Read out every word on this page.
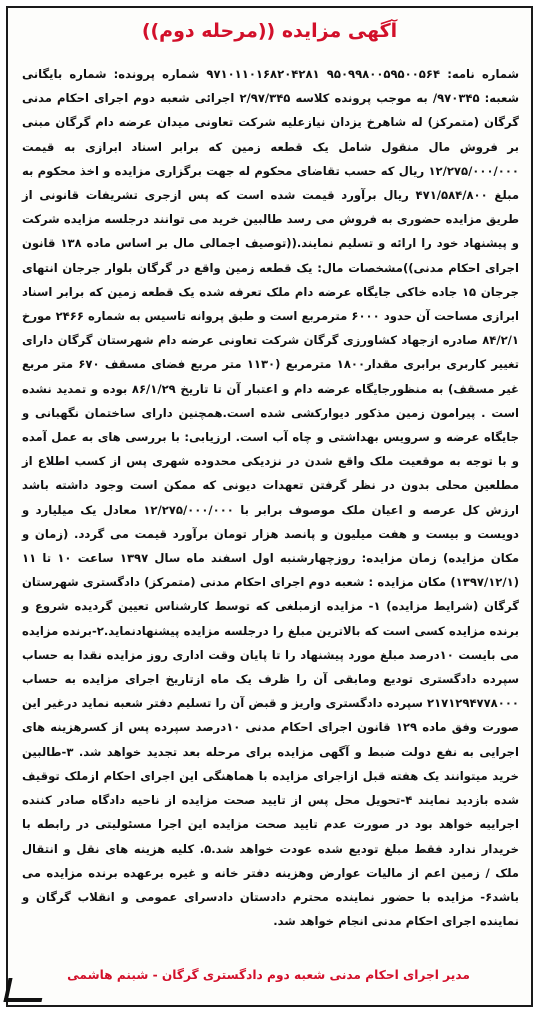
آگهی مزایده ((مرحله دوم))
شماره نامه: ۹۵۰۹۹۸۰۰۵۹۵۰۰۵۶۴ ۹۷۱۰۱۱۰۱۶۸۲۰۴۲۸۱ شماره پرونده: شماره بایگانی شعبه: ۹۷۰۳۴۵/ به موجب پرونده کلاسه ۲/۹۷/۳۴۵ اجرائی شعبه دوم اجرای احکام مدنی گرگان (متمرکز) له شاهرخ یزدان نیازعلیه شرکت تعاونی میدان عرضه دام گرگان مبنی بر فروش مال منقول شامل یک قطعه زمین که برابر اسناد ابرازی به قیمت ۱۲/۲۷۵/۰۰۰/۰۰۰ ریال که حسب تقاضای محکوم له جهت برگزاری مزایده و اخذ محکوم به مبلغ ۴۷۱/۵۸۴/۸۰۰ ریال برآورد قیمت شده است که پس ازجری تشریفات قانونی از طریق مزایده حضوری به فروش می رسد طالبین خرید می توانند درجلسه مزایده شرکت و پیشنهاد خود را ارائه و تسلیم نمایند.((توصیف اجمالی مال بر اساس ماده ۱۳۸ قانون اجرای احکام مدنی))مشخصات مال: یک قطعه زمین واقع در گرگان بلوار جرجان انتهای جرجان ۱۵ جاده خاکی جایگاه عرضه دام ملک تعرفه شده یک قطعه زمین که برابر اسناد ابرازی مساحت آن حدود ۶۰۰۰ مترمربع است و طبق پروانه تاسیس به شماره ۲۴۶۶ مورخ ۸۴/۲/۱ صادره ازجهاد کشاورزی گرگان شرکت تعاونی عرضه دام شهرستان گرگان دارای تغییر کاربری برابری مقدار۱۸۰۰ مترمربع (۱۱۳۰ متر مربع فضای مسقف ۶۷۰ متر مربع غیر مسقف) به منظورجایگاه عرضه دام و اعتبار آن تا تاریخ ۸۶/۱/۲۹ بوده و تمدید نشده است . پیرامون زمین مذکور دیوارکشی شده است.همچنین دارای ساختمان نگهبانی و جایگاه عرضه و سرویس بهداشتی و چاه آب است. ارزیابی: با بررسی های به عمل آمده و با توجه به موقعیت ملک واقع شدن در نزدیکی محدوده شهری پس از کسب اطلاع از مطلعین محلی بدون در نظر گرفتن تعهدات دیونی که ممکن است وجود داشته باشد ارزش کل عرصه و اعیان ملک موصوف برابر با ۱۲/۲۷۵/۰۰۰/۰۰۰ معادل یک میلیارد و دویست و بیست و هفت میلیون و پانصد هزار تومان برآورد قیمت می گردد. (زمان و مکان مزایده) زمان مزایده: روزچهارشنبه اول اسفند ماه سال ۱۳۹۷ ساعت ۱۰ تا ۱۱ (۱۳۹۷/۱۲/۱) مکان مزایده : شعبه دوم اجرای احکام مدنی (متمرکز) دادگستری شهرستان گرگان (شرایط مزایده) ۱- مزایده ازمبلغی که توسط کارشناس تعیین گردیده شروع و برنده مزایده کسی است که بالاترین مبلغ را درجلسه مزایده پیشنهادنماید.۲-برنده مزایده می بایست ۱۰درصد مبلغ مورد پیشنهاد را تا پایان وقت اداری روز مزایده نقدا به حساب سپرده دادگستری تودیع ومابقی آن را ظرف یک ماه ازتاریخ اجرای مزایده به حساب ۲۱۷۱۲۹۴۷۷۸۰۰۰ سپرده دادگستری واریز و قبض آن را تسلیم دفتر شعبه نماید درغیر این صورت وفق ماده ۱۲۹ قانون اجرای احکام مدنی ۱۰درصد سپرده پس از کسرهزینه های اجرایی به نفع دولت ضبط و آگهی مزایده برای مرحله بعد تجدید خواهد شد. ۳-طالبین خرید میتوانند یک هفته قبل ازاجرای مزایده با هماهنگی این اجرای احکام ازملک توقیف شده بازدید نمایند ۴-تحویل محل پس از تایید صحت مزایده از ناحیه دادگاه صادر کننده اجراییه خواهد بود در صورت عدم تایید صحت مزایده این اجرا مسئولیتی در رابطه با خریدار ندارد فقط مبلغ تودیع شده عودت خواهد شد.۵. کلیه هزینه های نقل و انتقال ملک / زمین اعم از مالیات عوارض وهزینه دفتر خانه و غیره برعهده برنده مزایده می باشد۶- مزایده با حضور نماینده محترم دادستان دادسرای عمومی و انقلاب گرگان و نماینده اجرای احکام مدنی انجام خواهد شد.
مدیر اجرای احکام مدنی شعبه دوم دادگستری گرگان - شبنم هاشمی
